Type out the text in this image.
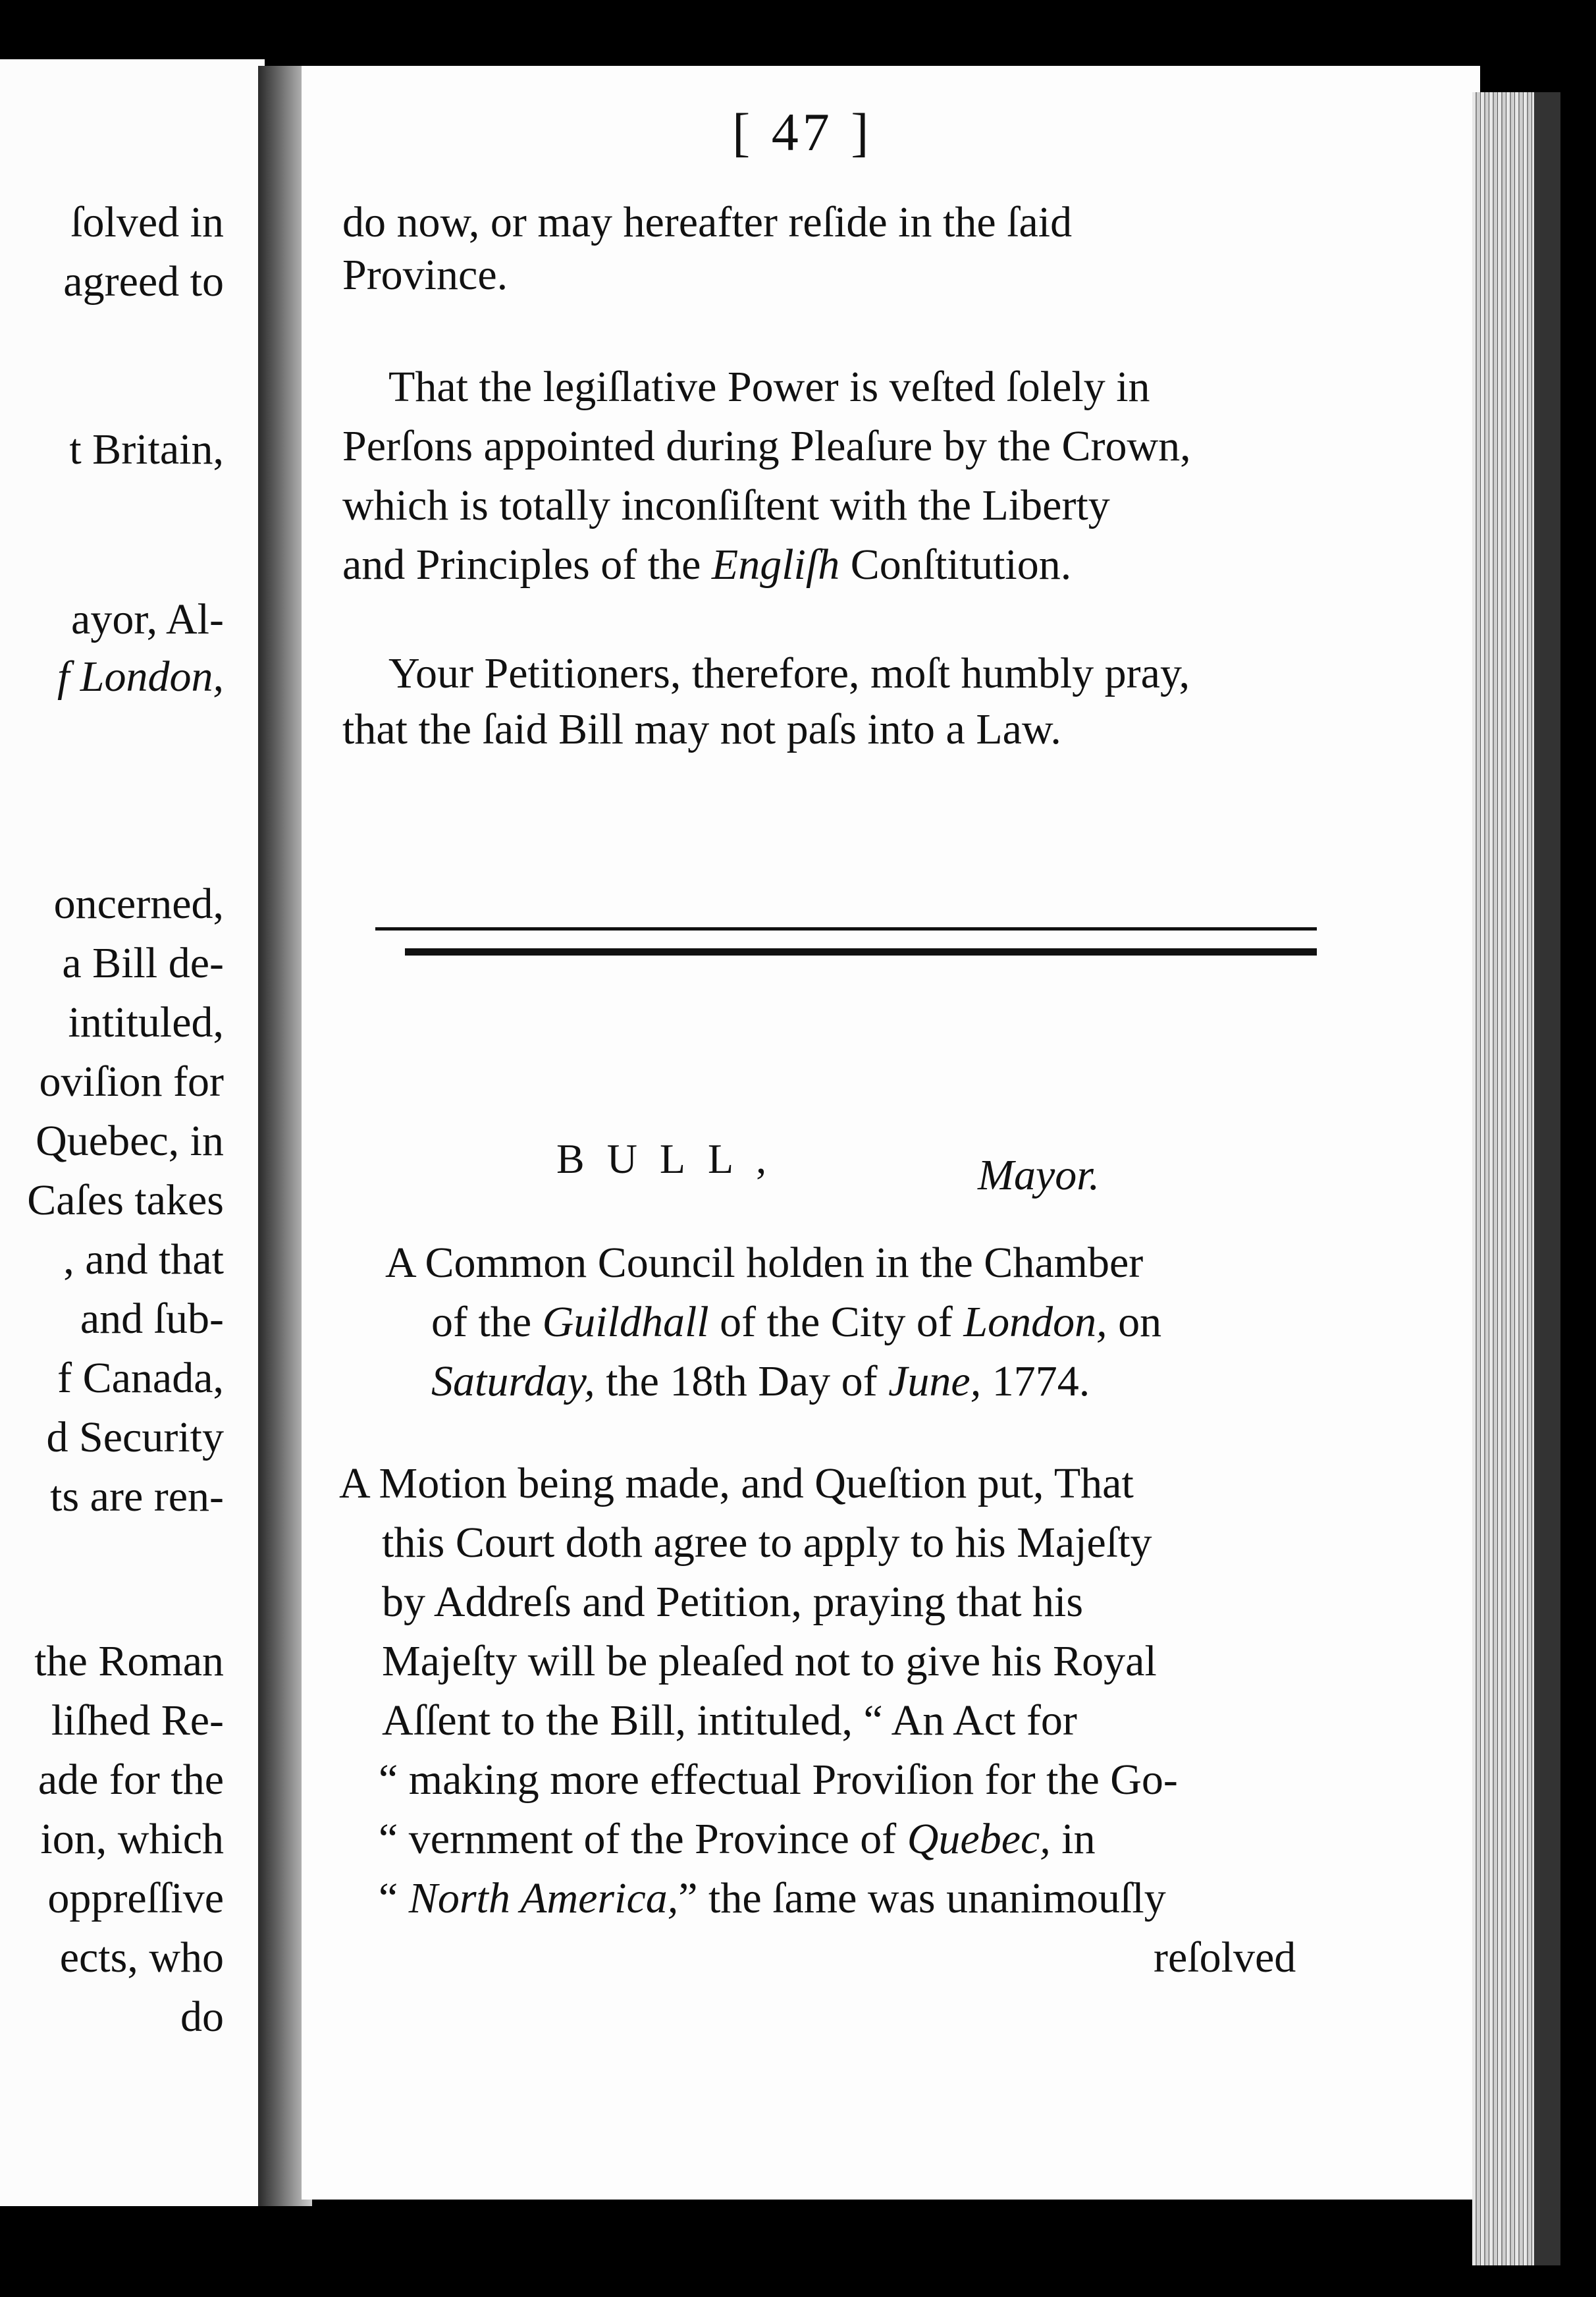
ſolved in
agreed to
t Britain,
ayor, Al-
f London,
oncerned,
a Bill de-
intituled,
oviſion for
Quebec, in
Caſes takes
, and that
and ſub-
f Canada,
d Security
ts are ren-
the Roman
liſhed Re-
ade for the
ion, which
oppreſſive
ects, who
do
[ 47 ]
do now, or may hereafter reſide in the ſaid
Province.
That the legiſlative Power is veſted ſolely in
Perſons appointed during Pleaſure by the Crown,
which is totally inconſiſtent with the Liberty
and Principles of the Engliſh Conſtitution.
Your Petitioners, therefore, moſt humbly pray,
that the ſaid Bill may not paſs into a Law.
BULL,	Mayor.
A Common Council holden in the Chamber
of the Guildhall of the City of London, on
Saturday, the 18th Day of June, 1774.
A Motion being made, and Queſtion put, That
this Court doth agree to apply to his Majeſty
by Addreſs and Petition, praying that his
Majeſty will be pleaſed not to give his Royal
Aſſent to the Bill, intituled, “ An Act for
“ making more effectual Proviſion for the Go-
“ vernment of the Province of Quebec, in
“ North America,” the ſame was unanimouſly
reſolved
